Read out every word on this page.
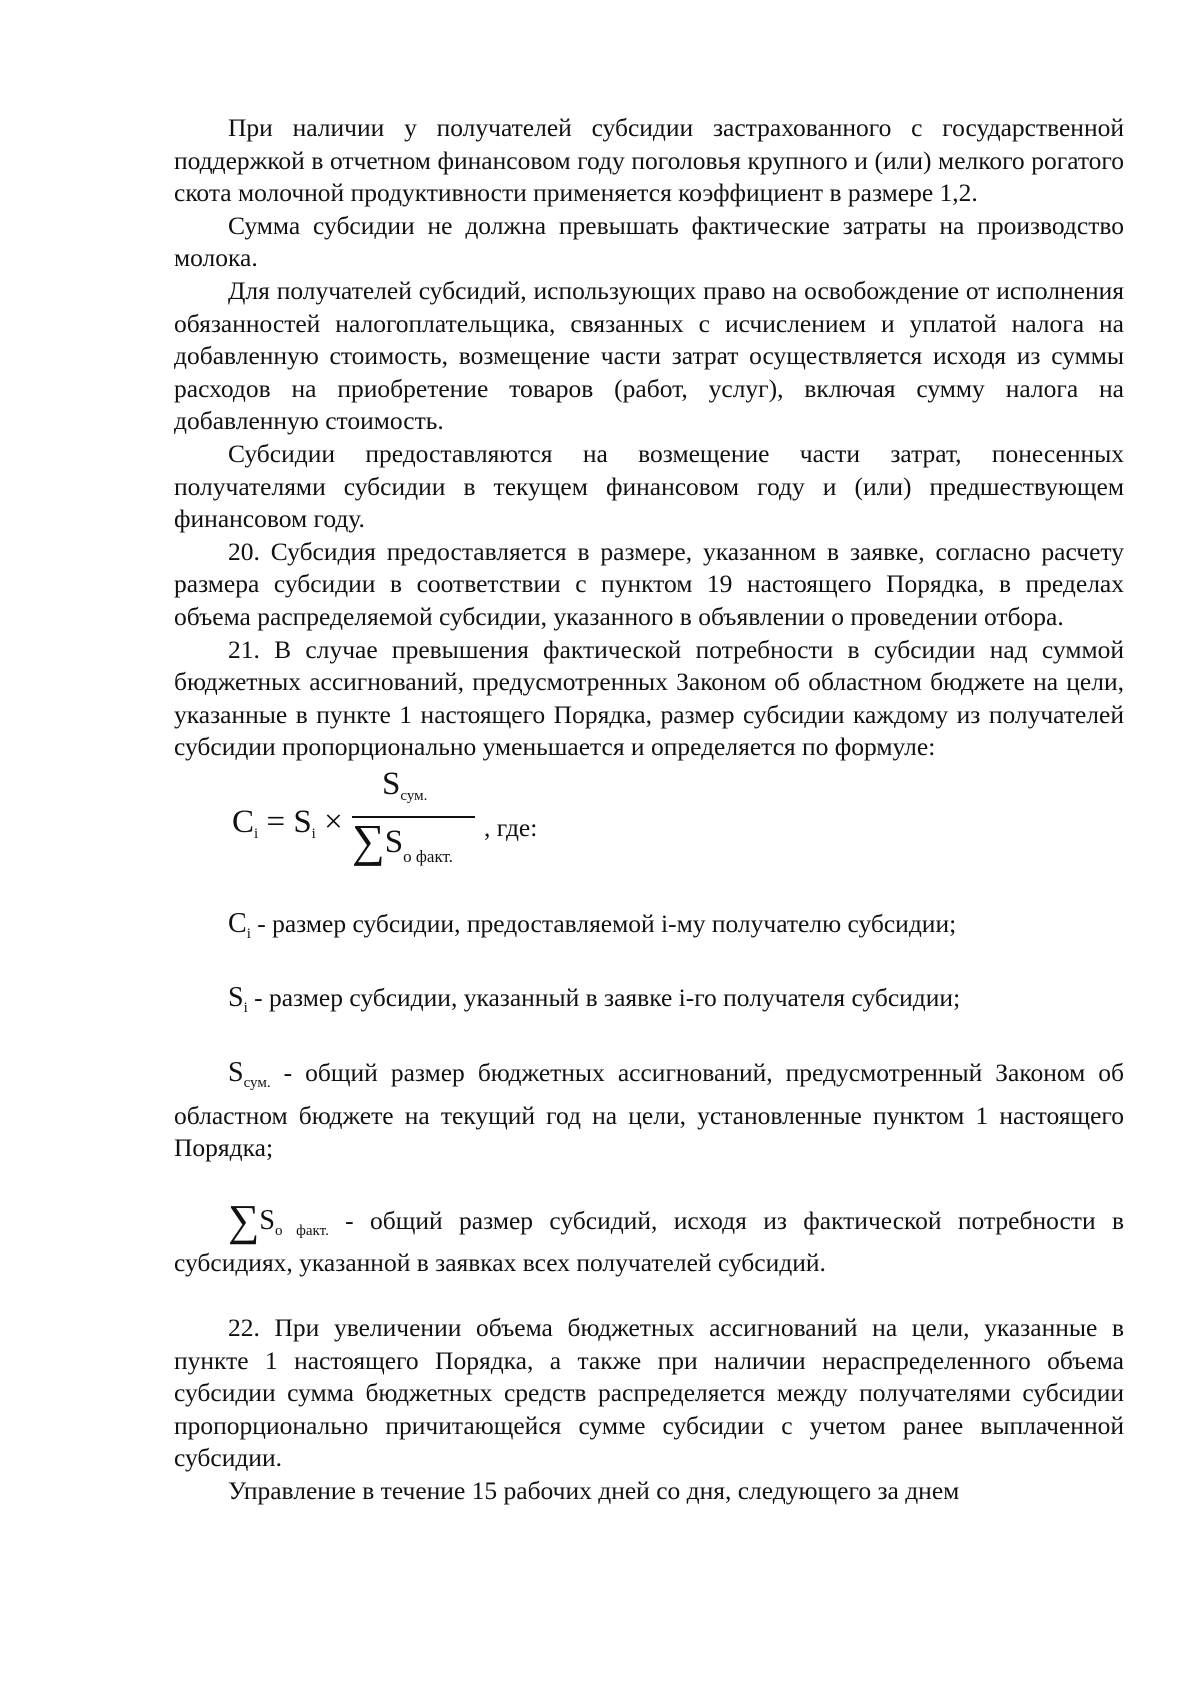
При наличии у получателей субсидии застрахованного с государственной поддержкой в отчетном финансовом году поголовья крупного и (или) мелкого рогатого скота молочной продуктивности применяется коэффициент в размере 1,2.

Сумма субсидии не должна превышать фактические затраты на производство молока.

Для получателей субсидий, использующих право на освобождение от исполнения обязанностей налогоплательщика, связанных с исчислением и уплатой налога на добавленную стоимость, возмещение части затрат осуществляется исходя из суммы расходов на приобретение товаров (работ, услуг), включая сумму налога на добавленную стоимость.

Субсидии предоставляются на возмещение части затрат, понесенных получателями субсидии в текущем финансовом году и (или) предшествующем финансовом году.

20. Субсидия предоставляется в размере, указанном в заявке, согласно расчету размера субсидии в соответствии с пунктом 19 настоящего Порядка, в пределах объема распределяемой субсидии, указанного в объявлении о проведении отбора.

21. В случае превышения фактической потребности в субсидии над суммой бюджетных ассигнований, предусмотренных Законом об областном бюджете на цели, указанные в пункте 1 настоящего Порядка, размер субсидии каждому из получателей субсидии пропорционально уменьшается и определяется по формуле:

$C_i = S_i$ ×
$S_{сум.}$
$\sum S_{о факт.}$
, где:

$C_i$ - размер субсидии, предоставляемой i-му получателю субсидии;

$S_i$ - размер субсидии, указанный в заявке i-го получателя субсидии;

$S_{сум.}$ - общий размер бюджетных ассигнований, предусмотренный Законом об областном бюджете на текущий год на цели, установленные пунктом 1 настоящего Порядка;

$\sum S_{о факт.}$ - общий размер субсидий, исходя из фактической потребности в субсидиях, указанной в заявках всех получателей субсидий.

22. При увеличении объема бюджетных ассигнований на цели, указанные в пункте 1 настоящего Порядка, а также при наличии нераспределенного объема субсидии сумма бюджетных средств распределяется между получателями субсидии пропорционально причитающейся сумме субсидии с учетом ранее выплаченной субсидии.

Управление в течение 15 рабочих дней со дня, следующего за днем
